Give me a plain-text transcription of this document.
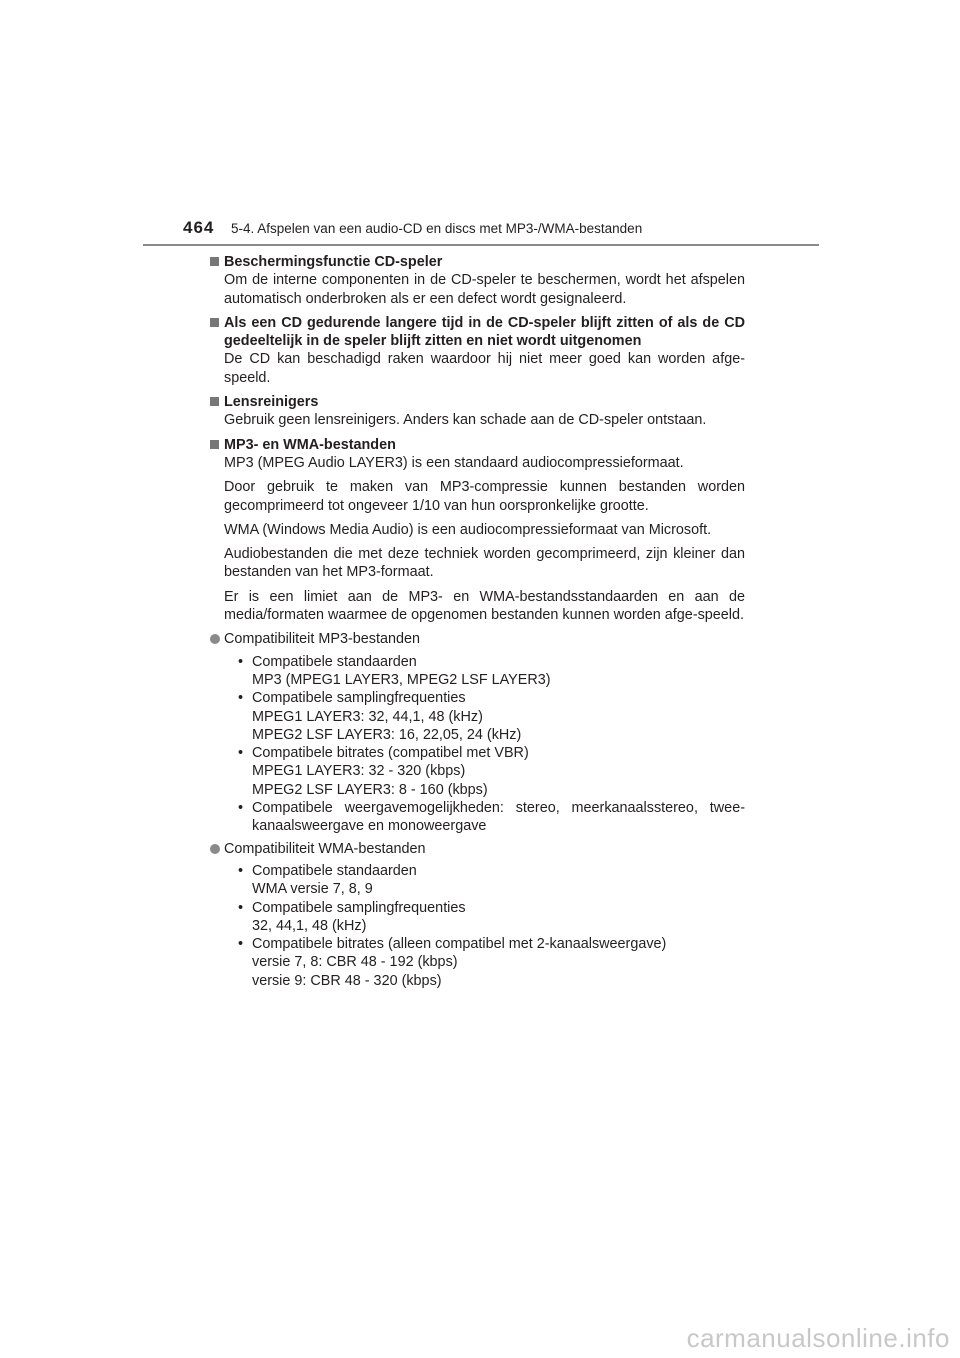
464 5-4. Afspelen van een audio-CD en discs met MP3-/WMA-bestanden
Beschermingsfunctie CD-speler
Om de interne componenten in de CD-speler te beschermen, wordt het afspelen automatisch onderbroken als er een defect wordt gesignaleerd.
Als een CD gedurende langere tijd in de CD-speler blijft zitten of als de CD gedeeltelijk in de speler blijft zitten en niet wordt uitgenomen
De CD kan beschadigd raken waardoor hij niet meer goed kan worden afge-speeld.
Lensreinigers
Gebruik geen lensreinigers. Anders kan schade aan de CD-speler ontstaan.
MP3- en WMA-bestanden
MP3 (MPEG Audio LAYER3) is een standaard audiocompressieformaat.
Door gebruik te maken van MP3-compressie kunnen bestanden worden gecomprimeerd tot ongeveer 1/10 van hun oorspronkelijke grootte.
WMA (Windows Media Audio) is een audiocompressieformaat van Microsoft.
Audiobestanden die met deze techniek worden gecomprimeerd, zijn kleiner dan bestanden van het MP3-formaat.
Er is een limiet aan de MP3- en WMA-bestandsstandaarden en aan de media/formaten waarmee de opgenomen bestanden kunnen worden afge-speeld.
Compatibiliteit MP3-bestanden
• Compatibele standaarden
MP3 (MPEG1 LAYER3, MPEG2 LSF LAYER3)
• Compatibele samplingfrequenties
MPEG1 LAYER3: 32, 44,1, 48 (kHz)
MPEG2 LSF LAYER3: 16, 22,05, 24 (kHz)
• Compatibele bitrates (compatibel met VBR)
MPEG1 LAYER3: 32 - 320 (kbps)
MPEG2 LSF LAYER3: 8 - 160 (kbps)
• Compatibele weergavemogelijkheden: stereo, meerkanaalsstereo, twee-kanaalsweergave en monoweergave
Compatibiliteit WMA-bestanden
• Compatibele standaarden
WMA versie 7, 8, 9
• Compatibele samplingfrequenties
32, 44,1, 48 (kHz)
• Compatibele bitrates (alleen compatibel met 2-kanaalsweergave)
versie 7, 8: CBR 48 - 192 (kbps)
versie 9: CBR 48 - 320 (kbps)
carmanualsonline.info
